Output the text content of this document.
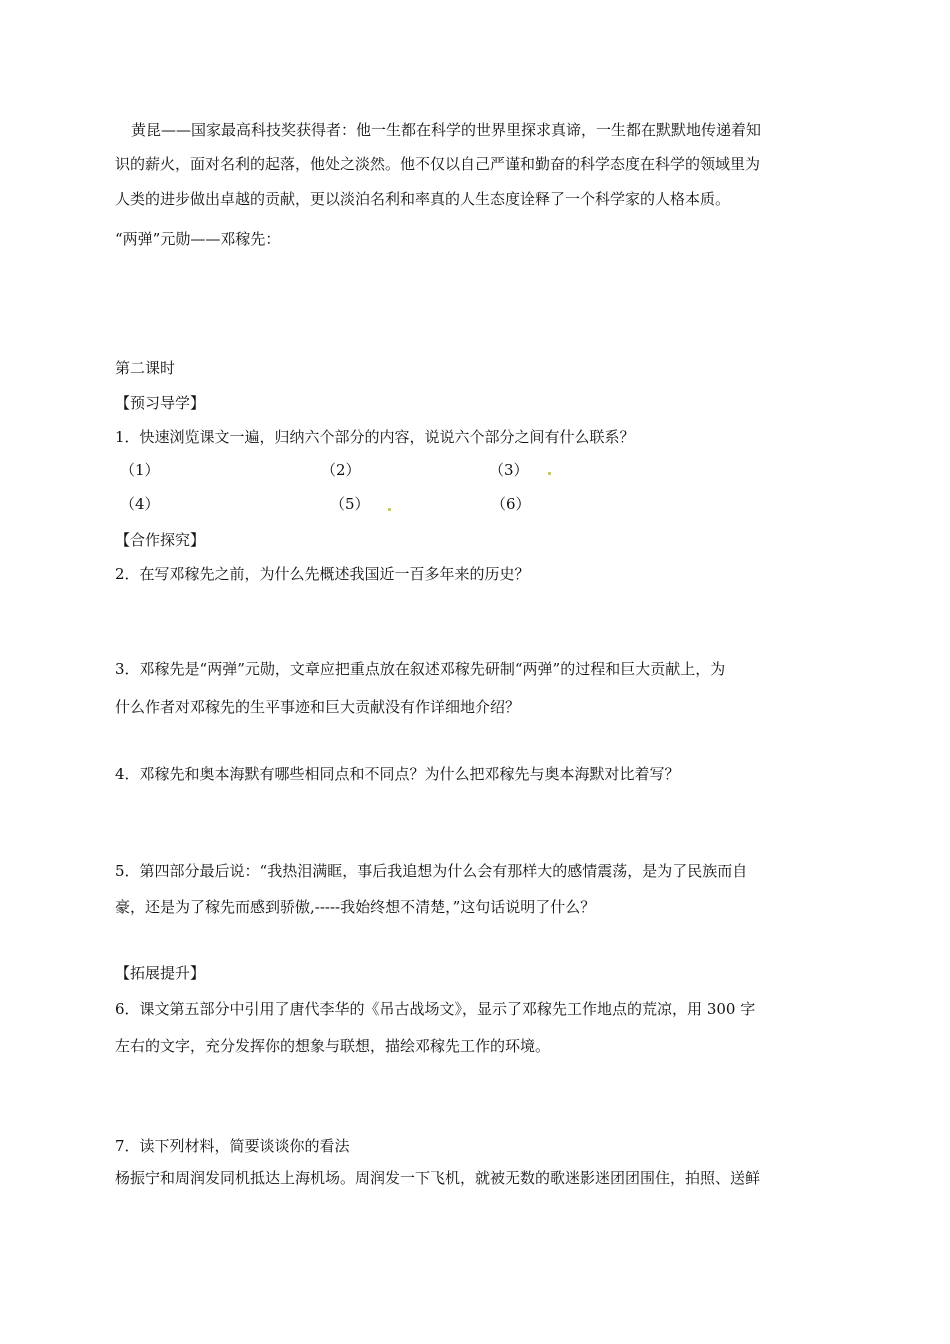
黄昆——国家最高科技奖获得者：他一生都在科学的世界里探求真谛，一生都在默默地传递着知
识的薪火，面对名利的起落，他处之淡然。他不仅以自己严谨和勤奋的科学态度在科学的领域里为
人类的进步做出卓越的贡献，更以淡泊名利和率真的人生态度诠释了一个科学家的人格本质。
“两弹”元勋——邓稼先：
第二课时
【预习导学】
1．快速浏览课文一遍，归纳六个部分的内容，说说六个部分之间有什么联系？
（1）	（2）	（3）
（4）	（5）	（6）
【合作探究】
2．在写邓稼先之前，为什么先概述我国近一百多年来的历史？
3．邓稼先是“两弹”元勋，文章应把重点放在叙述邓稼先研制“两弹”的过程和巨大贡献上，为
什么作者对邓稼先的生平事迹和巨大贡献没有作详细地介绍？
4．邓稼先和奥本海默有哪些相同点和不同点？为什么把邓稼先与奥本海默对比着写？
5．第四部分最后说：“我热泪满眶，事后我追想为什么会有那样大的感情震荡，是为了民族而自
豪，还是为了稼先而感到骄傲,-----我始终想不清楚，”这句话说明了什么？
【拓展提升】
6．课文第五部分中引用了唐代李华的《吊古战场文》，显示了邓稼先工作地点的荒凉，用 300 字
左右的文字，充分发挥你的想象与联想，描绘邓稼先工作的环境。
7．读下列材料，简要谈谈你的看法
杨振宁和周润发同机抵达上海机场。周润发一下飞机，就被无数的歌迷影迷团团围住，拍照、送鲜
